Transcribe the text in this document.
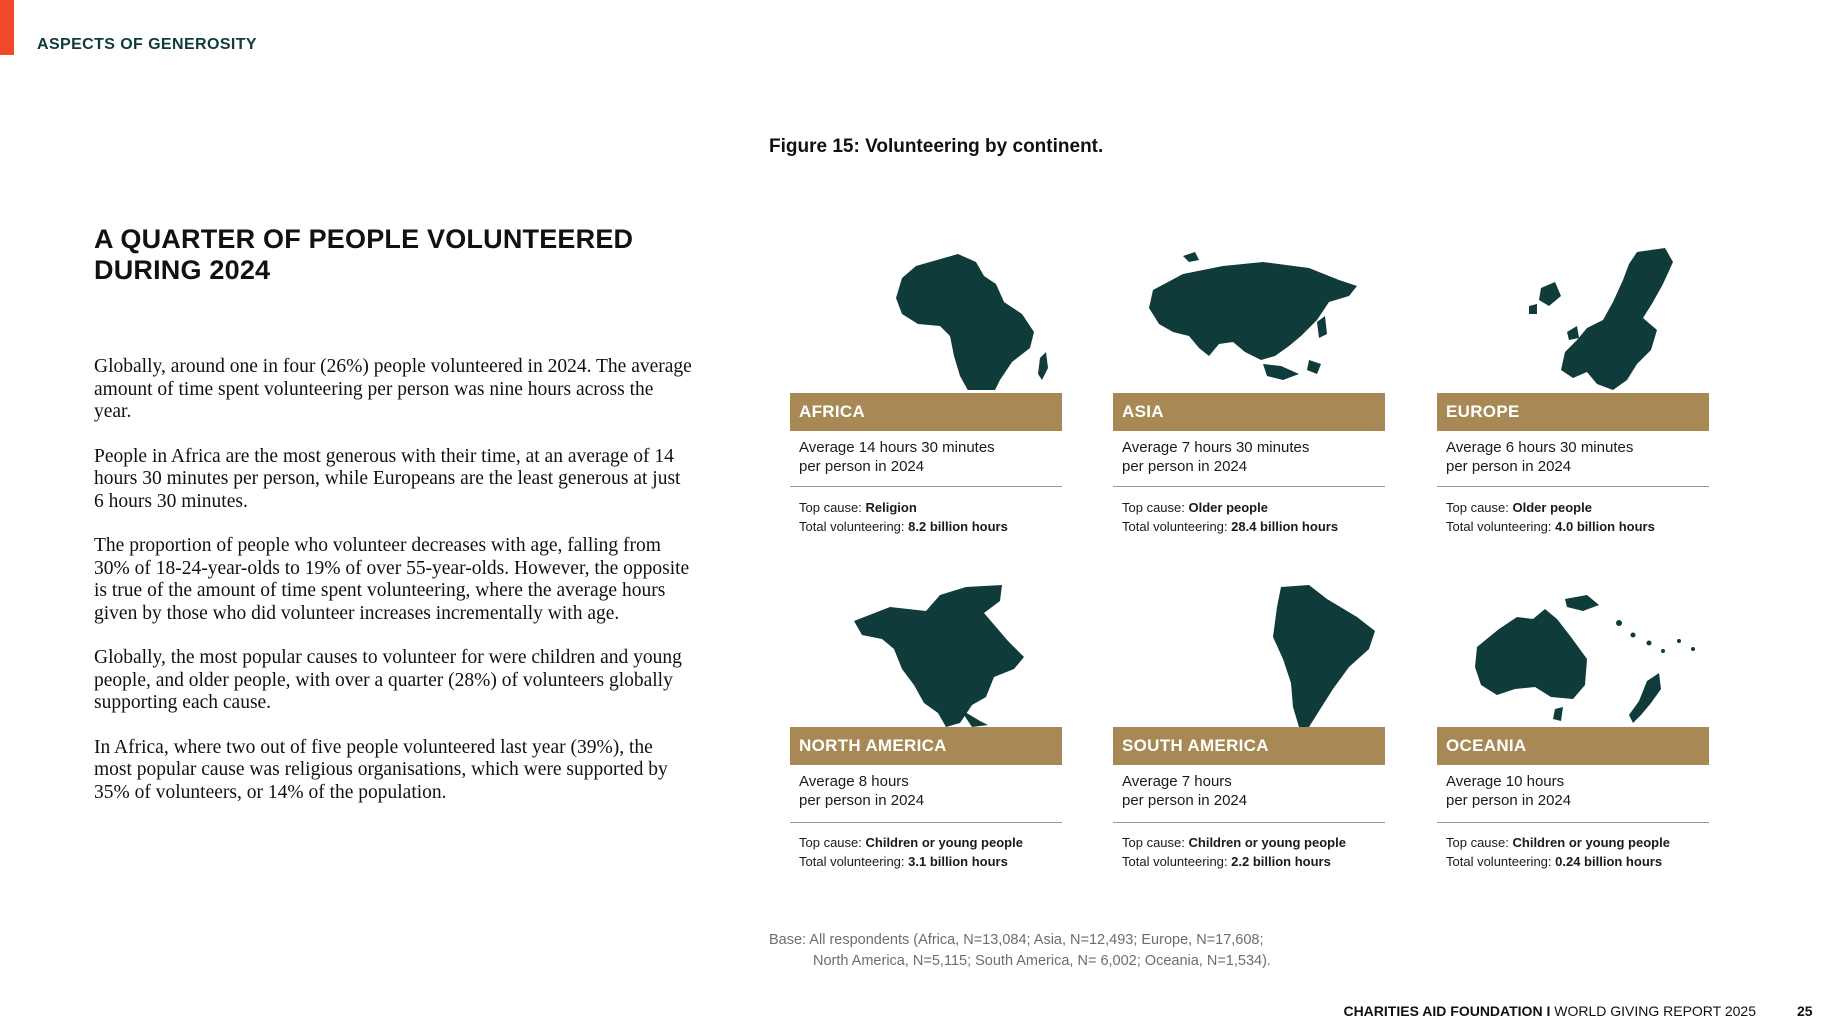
ASPECTS OF GENEROSITY
A QUARTER OF PEOPLE VOLUNTEERED DURING 2024

Globally, around one in four (26%) people volunteered in 2024. The average amount of time spent volunteering per person was nine hours across the year.

People in Africa are the most generous with their time, at an average of 14 hours 30 minutes per person, while Europeans are the least generous at just 6 hours 30 minutes.

The proportion of people who volunteer decreases with age, falling from 30% of 18-24-year-olds to 19% of over 55-year-olds. However, the opposite is true of the amount of time spent volunteering, where the average hours given by those who did volunteer increases incrementally with age.

Globally, the most popular causes to volunteer for were children and young people, and older people, with over a quarter (28%) of volunteers globally supporting each cause.

In Africa, where two out of five people volunteered last year (39%), the most popular cause was religious organisations, which were supported by 35% of volunteers, or 14% of the population.

Figure 15: Volunteering by continent.
AFRICA
Average 14 hours 30 minutes
per person in 2024
Top cause: Religion
Total volunteering: 8.2 billion hours
ASIA
Average 7 hours 30 minutes
per person in 2024
Top cause: Older people
Total volunteering: 28.4 billion hours
EUROPE
Average 6 hours 30 minutes
per person in 2024
Top cause: Older people
Total volunteering: 4.0 billion hours
NORTH AMERICA
Average 8 hours
per person in 2024
Top cause: Children or young people
Total volunteering: 3.1 billion hours
SOUTH AMERICA
Average 7 hours
per person in 2024
Top cause: Children or young people
Total volunteering: 2.2 billion hours
OCEANIA
Average 10 hours
per person in 2024
Top cause: Children or young people
Total volunteering: 0.24 billion hours
Base: All respondents (Africa, N=13,084; Asia, N=12,493; Europe, N=17,608;
North America, N=5,115; South America, N= 6,002; Oceania, N=1,534).
CHARITIES AID FOUNDATION I WORLD GIVING REPORT 2025	25
